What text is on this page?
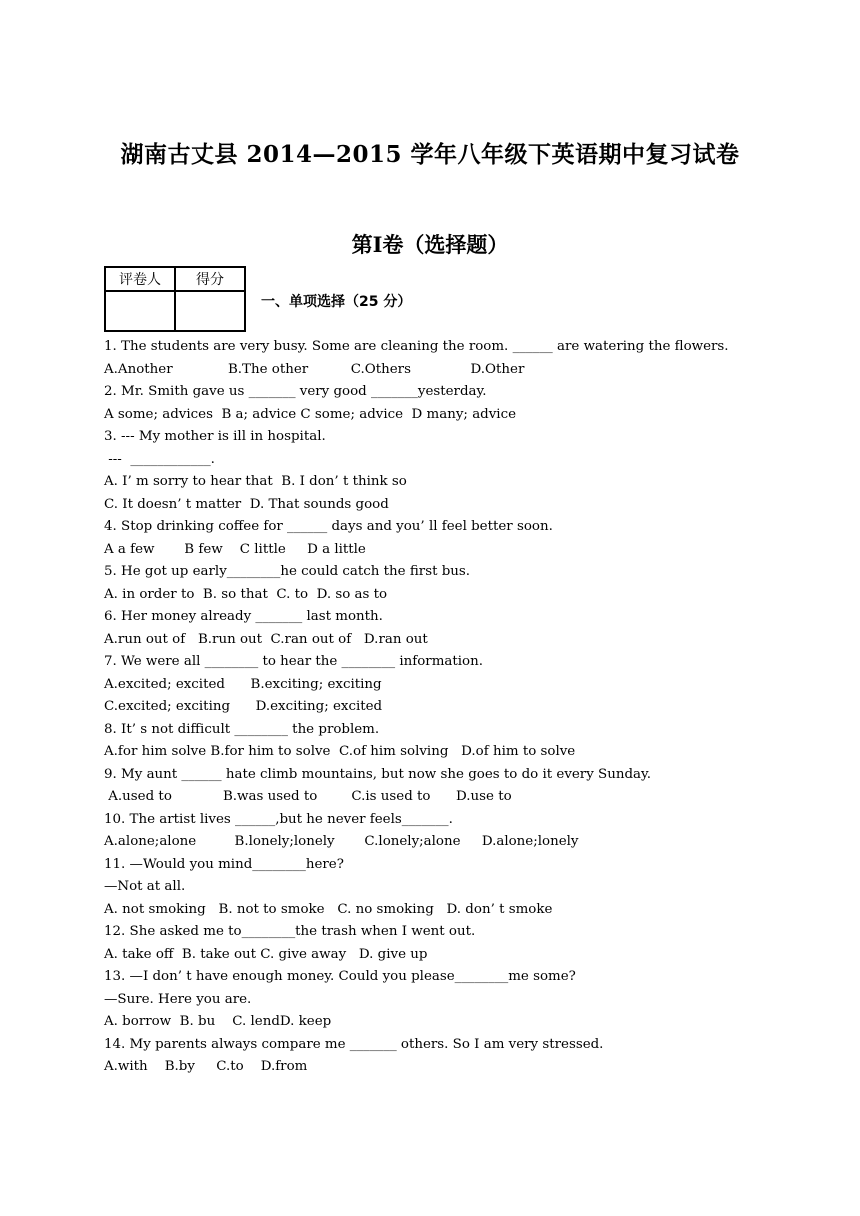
湖南古丈县 2014—2015 学年八年级下英语期中复习试卷
第Ⅰ卷（选择题）
评卷人	得分

一、单项选择（25 分）
1. The students are very busy. Some are cleaning the room. ______ are watering the flowers.
A.Another             B.The other          C.Others              D.Other
2. Mr. Smith gave us _______ very good _______yesterday.
A some; advices  B a; advice C some; advice  D many; advice
3. --- My mother is ill in hospital.
---  ____________.
A. I’ m sorry to hear that  B. I don’ t think so
C. It doesn’ t matter  D. That sounds good
4. Stop drinking coffee for ______ days and you’ ll feel better soon.
A a few       B few    C little     D a little
5. He got up early________he could catch the first bus.
A. in order to  B. so that  C. to  D. so as to
6. Her money already _______ last month.
A.run out of   B.run out  C.ran out of   D.ran out
7. We were all ________ to hear the ________ information.
A.excited; excited      B.exciting; exciting
C.excited; exciting      D.exciting; excited
8. It’ s not difficult ________ the problem.
A.for him solve B.for him to solve  C.of him solving   D.of him to solve
9. My aunt ______ hate climb mountains, but now she goes to do it every Sunday.
A.used to            B.was used to        C.is used to      D.use to
10. The artist lives ______,but he never feels_______.
A.alone;alone         B.lonely;lonely       C.lonely;alone     D.alone;lonely
11. —Would you mind________here?
—Not at all.
A. not smoking   B. not to smoke   C. no smoking   D. don’ t smoke
12. She asked me to________the trash when I went out.
A. take off  B. take out C. give away   D. give up
13. —I don’ t have enough money. Could you please________me some?
—Sure. Here you are.
A. borrow  B. bu    C. lendD. keep
14. My parents always compare me _______ others. So I am very stressed.
A.with    B.by     C.to    D.from
